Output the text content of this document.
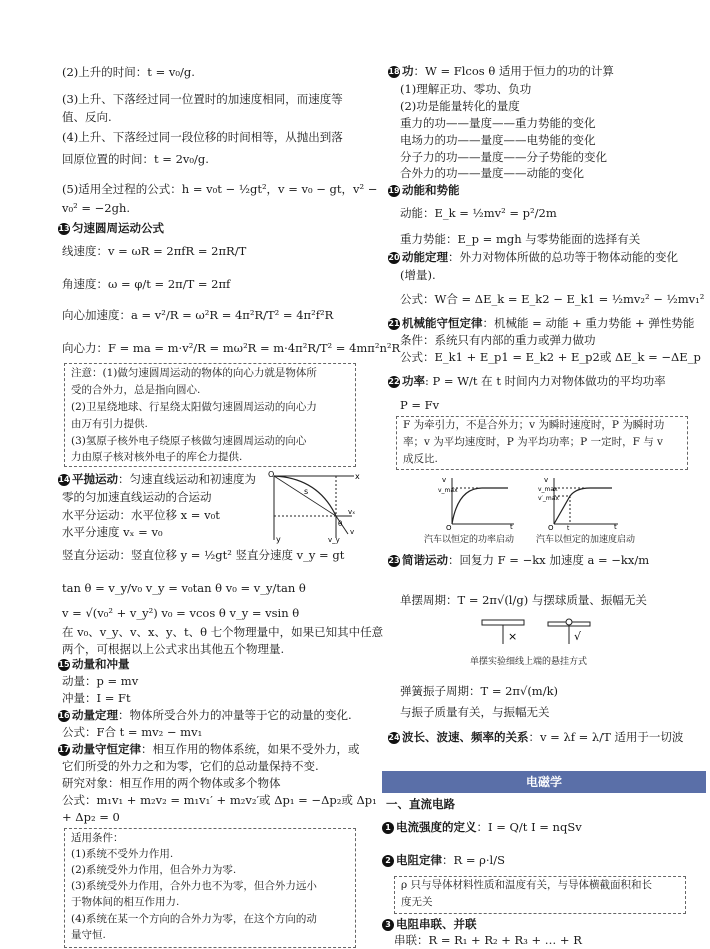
(2)上升的时间：t = v₀/g.
(3)上升、下落经过同一位置时的加速度相同，而速度等
值、反向.
(4)上升、下落经过同一段位移的时间相等，从抛出到落
回原位置的时间：t = 2v₀/g.
(5)适用全过程的公式：h = v₀t − ½gt²，v = v₀ − gt，v² −
v₀² = −2gh.
13 匀速圆周运动公式
线速度：v = ωR = 2πfR = 2πR/T
角速度：ω = φ/t = 2π/T = 2πf
向心加速度：a = v²/R = ω²R = 4π²R/T² = 4π²f²R
向心力：F = ma = m·v²/R = mω²R = m·4π²R/T² = 4mπ²n²R
注意：(1)做匀速圆周运动的物体的向心力就是物体所
受的合外力，总是指向圆心.
(2)卫星绕地球、行星绕太阳做匀速圆周运动的向心力
由万有引力提供.
(3)氢原子核外电子绕原子核做匀速圆周运动的向心
力由原子核对核外电子的库仑力提供.
14 平抛运动：匀速直线运动和初速度为
零的匀加速直线运动的合运动
水平分运动：水平位移 x = v₀t
水平分速度 vₓ = v₀
竖直分运动：竖直位移 y = ½gt² 竖直分速度 v_y = gt
tan θ = v_y/v₀ v_y = v₀tan θ v₀ = v_y/tan θ
v = √(v₀² + v_y²) v₀ = vcos θ v_y = vsin θ
在 v₀、v_y、v、x、y、t、θ 七个物理量中，如果已知其中任意
两个，可根据以上公式求出其他五个物理量.
O	x
y
s
θ
vₓ
v_y
v
15 动量和冲量
动量：p = mv
冲量：I = Ft
16 动量定理：物体所受合外力的冲量等于它的动量的变化.
公式：F合 t = mv₂ − mv₁
17 动量守恒定律：相互作用的物体系统，如果不受外力，或
它们所受的外力之和为零，它们的总动量保持不变.
研究对象：相互作用的两个物体或多个物体
公式：m₁v₁ + m₂v₂ = m₁v₁′ + m₂v₂′或 Δp₁ = −Δp₂或 Δp₁
+ Δp₂ = 0
适用条件：
(1)系统不受外力作用.
(2)系统受外力作用，但合外力为零.
(3)系统受外力作用，合外力也不为零，但合外力远小
于物体间的相互作用力.
(4)系统在某一个方向的合外力为零，在这个方向的动
量守恒.
18 功：W = Flcos θ 适用于恒力的功的计算
(1)理解正功、零功、负功
(2)功是能量转化的量度
重力的功——量度——重力势能的变化
电场力的功——量度——电势能的变化
分子力的功——量度——分子势能的变化
合外力的功——量度——动能的变化
19 动能和势能
动能：E_k = ½mv² = p²/2m
重力势能：E_p = mgh 与零势能面的选择有关
20 动能定理：外力对物体所做的总功等于物体动能的变化
(增量).
公式：W合 = ΔE_k = E_k2 − E_k1 = ½mv₂² − ½mv₁²
21 机械能守恒定律：机械能 = 动能 + 重力势能 + 弹性势能
条件：系统只有内部的重力或弹力做功
公式：E_k1 + E_p1 = E_k2 + E_p2或 ΔE_k = −ΔE_p
22 功率: P = W/t 在 t 时间内力对物体做功的平均功率
P = Fv
F 为牵引力，不是合外力；v 为瞬时速度时，P 为瞬时功
率；v 为平均速度时，P 为平均功率；P 一定时，F 与 v
成反比.
v
v_max
t
O
v
v_max
v′_max
t	t
O
汽车以恒定的功率启动 汽车以恒定的加速度启动
23 简谐运动：回复力 F = −kx 加速度 a = −kx/m
单摆周期：T = 2π√(l/g) 与摆球质量、振幅无关
×	√
单摆实验细线上端的悬挂方式
弹簧振子周期：T = 2π√(m/k)
与振子质量有关，与振幅无关
24 波长、波速、频率的关系：v = λf = λ/T 适用于一切波
电磁学
一、直流电路
1 电流强度的定义：I = Q/t I = nqSv
2 电阻定律：R = ρ·l/S
ρ 只与导体材料性质和温度有关，与导体横截面积和长
度无关
3 电阻串联、并联
串联：R = R₁ + R₂ + R₃ + … + R
